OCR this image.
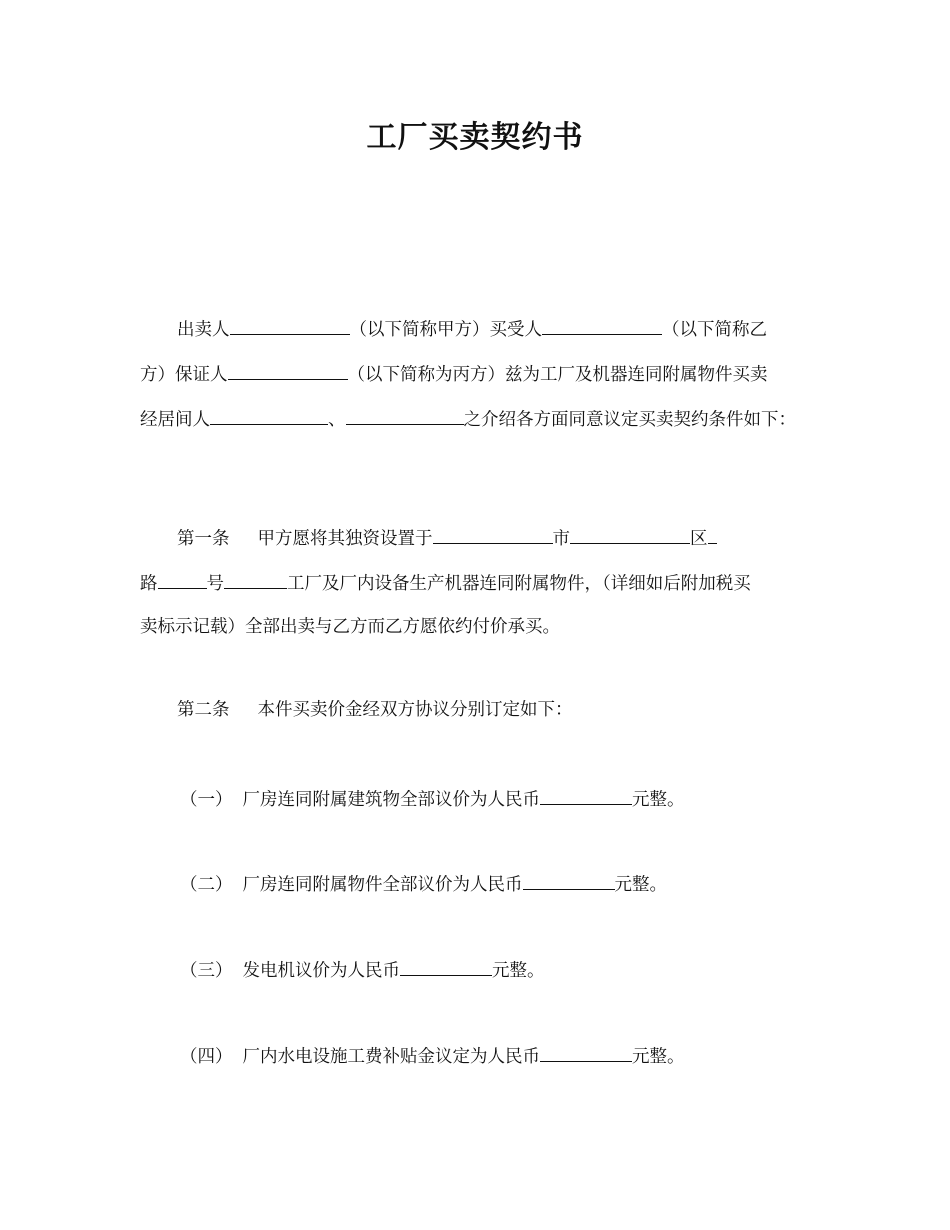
工厂买卖契约书
出卖人	（以下简称甲方）买受人	（以下简称乙
方）保证人	（以下简称为丙方）兹为工厂及机器连同附属物件买卖
经居间人	、	之介绍各方面同意议定买卖契约条件如下：
第一条 甲方愿将其独资设置于	市	区
路	号	工厂及厂内设备生产机器连同附属物件，（详细如后附加税买
卖标示记载）全部出卖与乙方而乙方愿依约付价承买。
第二条 本件买卖价金经双方协议分别订定如下：
（一） 厂房连同附属建筑物全部议价为人民币	元整。
（二） 厂房连同附属物件全部议价为人民币	元整。
（三） 发电机议价为人民币	元整。
（四） 厂内水电设施工费补贴金议定为人民币	元整。
